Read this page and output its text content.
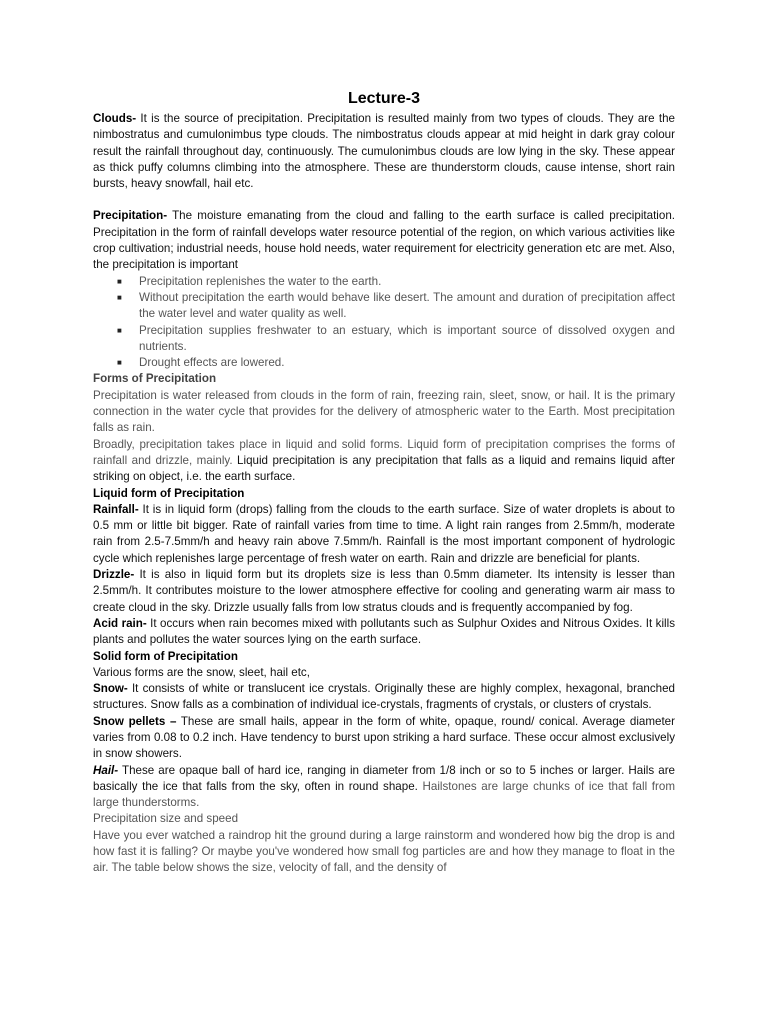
Lecture-3

Clouds- It is the source of precipitation. Precipitation is resulted mainly from two types of clouds. They are the nimbostratus and cumulonimbus type clouds. The nimbostratus clouds appear at mid height in dark gray colour result the rainfall throughout day, continuously. The cumulonimbus clouds are low lying in the sky. These appear as thick puffy columns climbing into the atmosphere. These are thunderstorm clouds, cause intense, short rain bursts, heavy snowfall, hail etc.

Precipitation- The moisture emanating from the cloud and falling to the earth surface is called precipitation. Precipitation in the form of rainfall develops water resource potential of the region, on which various activities like crop cultivation; industrial needs, house hold needs, water requirement for electricity generation etc are met. Also, the precipitation is important

■ Precipitation replenishes the water to the earth.
■ Without precipitation the earth would behave like desert. The amount and duration of precipitation affect the water level and water quality as well.
■ Precipitation supplies freshwater to an estuary, which is important source of dissolved oxygen and nutrients.
■ Drought effects are lowered.

Forms of Precipitation

Precipitation is water released from clouds in the form of rain, freezing rain, sleet, snow, or hail. It is the primary connection in the water cycle that provides for the delivery of atmospheric water to the Earth. Most precipitation falls as rain.

Broadly, precipitation takes place in liquid and solid forms. Liquid form of precipitation comprises the forms of rainfall and drizzle, mainly. Liquid precipitation is any precipitation that falls as a liquid and remains liquid after striking on object, i.e. the earth surface.

Liquid form of Precipitation

Rainfall- It is in liquid form (drops) falling from the clouds to the earth surface. Size of water droplets is about to 0.5 mm or little bit bigger. Rate of rainfall varies from time to time. A light rain ranges from 2.5mm/h, moderate rain from 2.5-7.5mm/h and heavy rain above 7.5mm/h. Rainfall is the most important component of hydrologic cycle which replenishes large percentage of fresh water on earth. Rain and drizzle are beneficial for plants.

Drizzle- It is also in liquid form but its droplets size is less than 0.5mm diameter. Its intensity is lesser than 2.5mm/h. It contributes moisture to the lower atmosphere effective for cooling and generating warm air mass to create cloud in the sky. Drizzle usually falls from low stratus clouds and is frequently accompanied by fog.

Acid rain- It occurs when rain becomes mixed with pollutants such as Sulphur Oxides and Nitrous Oxides. It kills plants and pollutes the water sources lying on the earth surface.

Solid form of Precipitation

Various forms are the snow, sleet, hail etc,

Snow- It consists of white or translucent ice crystals. Originally these are highly complex, hexagonal, branched structures. Snow falls as a combination of individual ice-crystals, fragments of crystals, or clusters of crystals.

Snow pellets – These are small hails, appear in the form of white, opaque, round/ conical. Average diameter varies from 0.08 to 0.2 inch. Have tendency to burst upon striking a hard surface. These occur almost exclusively in snow showers.

Hail- These are opaque ball of hard ice, ranging in diameter from 1/8 inch or so to 5 inches or larger. Hails are basically the ice that falls from the sky, often in round shape. Hailstones are large chunks of ice that fall from large thunderstorms.

Precipitation size and speed

Have you ever watched a raindrop hit the ground during a large rainstorm and wondered how big the drop is and how fast it is falling? Or maybe you've wondered how small fog particles are and how they manage to float in the air. The table below shows the size, velocity of fall, and the density of
